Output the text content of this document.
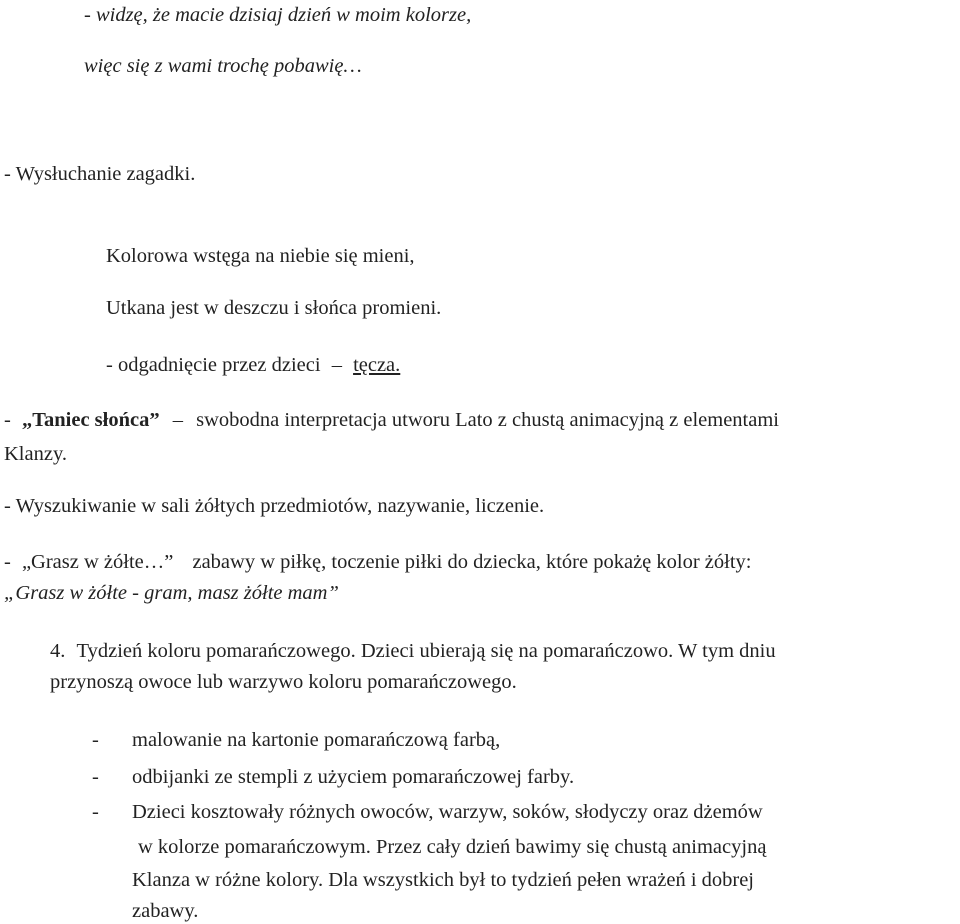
- widzę, że macie dzisiaj dzień w moim kolorze,
więc się z wami trochę pobawię…
- Wysłuchanie zagadki.
Kolorowa wstęga na niebie się mieni,
Utkana jest w deszczu i słońca promieni.
- odgadnięcie przez dzieci – tęcza.
- „Taniec słońca” – swobodna interpretacja utworu Lato z chustą animacyjną z elementami
Klanzy.
- Wyszukiwanie w sali żółtych przedmiotów, nazywanie, liczenie.
- „Grasz w żółte…” zabawy w piłkę, toczenie piłki do dziecka, które pokażę kolor żółty:
„Grasz w żółte - gram, masz żółte mam”
4. Tydzień koloru pomarańczowego. Dzieci ubierają się na pomarańczowo. W tym dniu
przynoszą owoce lub warzywo koloru pomarańczowego.
- malowanie na kartonie pomarańczową farbą,
- odbijanki ze stempli z użyciem pomarańczowej farby.
- Dzieci kosztowały różnych owoców, warzyw, soków, słodyczy oraz dżemów
w kolorze pomarańczowym. Przez cały dzień bawimy się chustą animacyjną
Klanza w różne kolory. Dla wszystkich był to tydzień pełen wrażeń i dobrej
zabawy.
